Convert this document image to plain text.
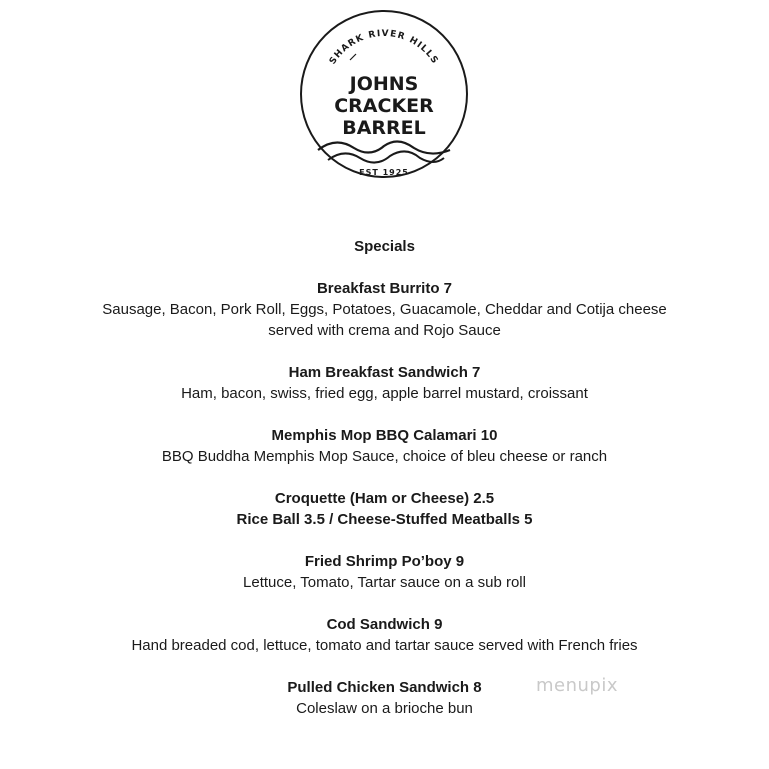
SHARK RIVER HILLS
JOHNS
CRACKER
BARREL
EST 1925

Specials

Breakfast Burrito 7
Sausage, Bacon, Pork Roll, Eggs, Potatoes, Guacamole, Cheddar and Cotija cheese
served with crema and Rojo Sauce
Ham Breakfast Sandwich 7
Ham, bacon, swiss, fried egg, apple barrel mustard, croissant
Memphis Mop BBQ Calamari 10
BBQ Buddha Memphis Mop Sauce, choice of bleu cheese or ranch
Croquette (Ham or Cheese) 2.5
Rice Ball 3.5 / Cheese-Stuffed Meatballs 5
Fried Shrimp Po’boy 9
Lettuce, Tomato, Tartar sauce on a sub roll
Cod Sandwich 9
Hand breaded cod, lettuce, tomato and tartar sauce served with French fries
Pulled Chicken Sandwich 8
Coleslaw on a brioche bun
menupix
